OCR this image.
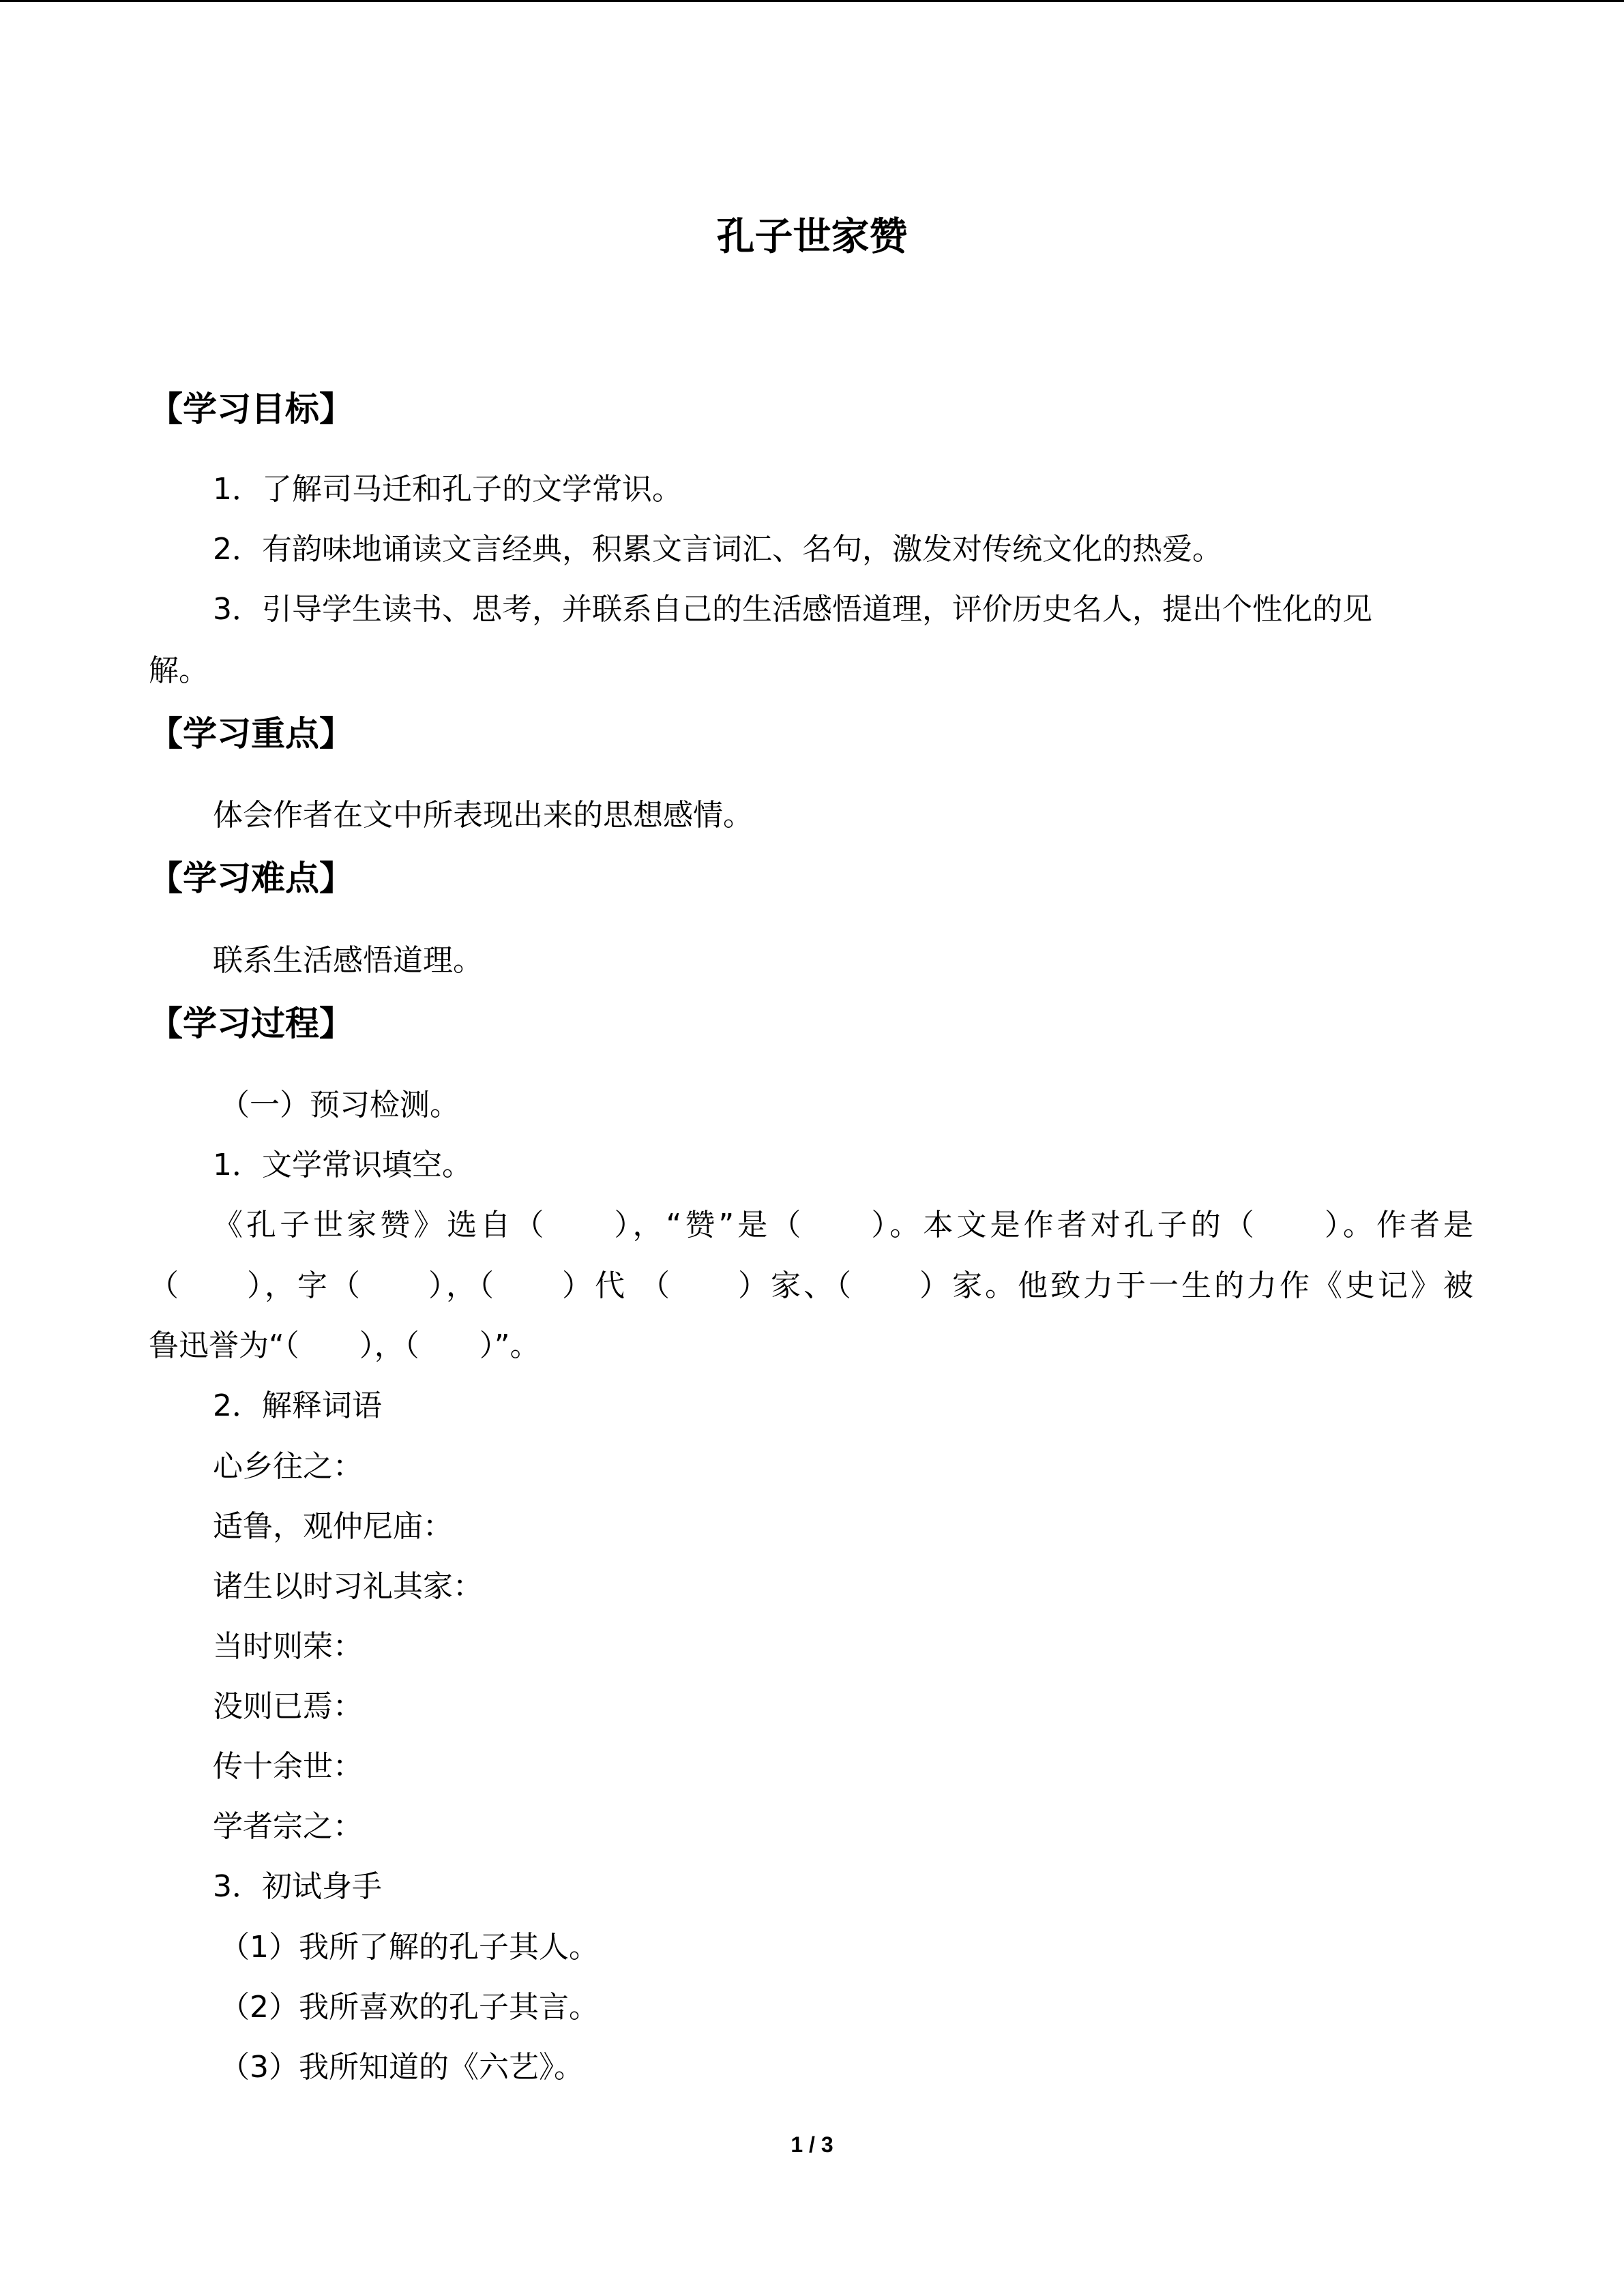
孔子世家赞
【学习目标】
1．了解司马迁和孔子的文学常识。
2．有韵味地诵读文言经典，积累文言词汇、名句，激发对传统文化的热爱。
3．引导学生读书、思考，并联系自己的生活感悟道理，评价历史名人，提出个性化的见
解。
【学习重点】
体会作者在文中所表现出来的思想感情。
【学习难点】
联系生活感悟道理。
【学习过程】
（一）预习检测。
1．文学常识填空。
《孔子世家赞》选自（　　），“赞”是（　　）。本文是作者对孔子的（　　）。作者是
（　　），字（　　），（　　）代 （　　）家、（　　）家。他致力于一生的力作《史记》被
鲁迅誉为“（　　），（　　）”。
2．解释词语
心乡往之：
适鲁，观仲尼庙：
诸生以时习礼其家：
当时则荣：
没则已焉：
传十余世：
学者宗之：
3．初试身手
（1）我所了解的孔子其人。
（2）我所喜欢的孔子其言。
（3）我所知道的《六艺》。
1 / 3
